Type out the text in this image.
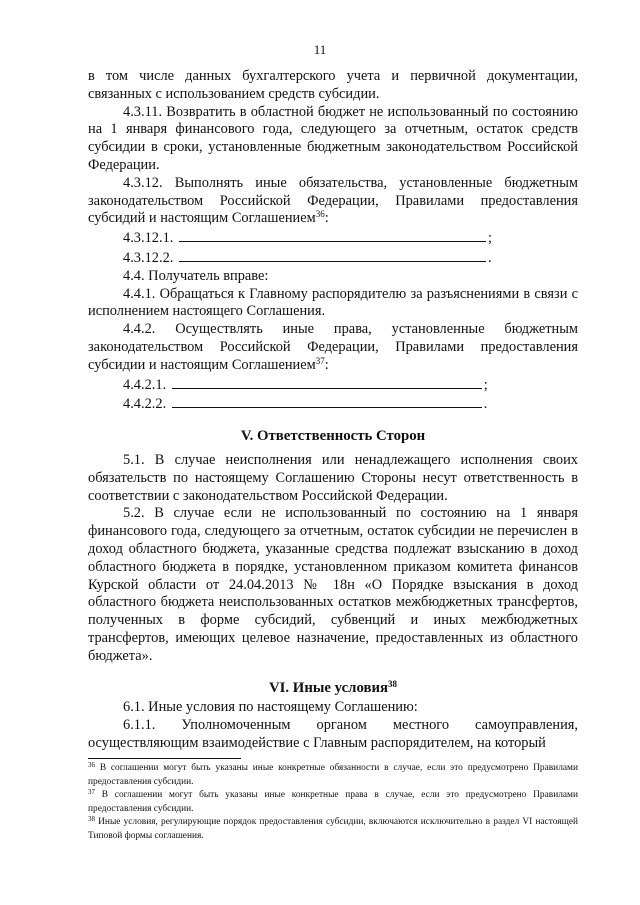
11

в том числе данных бухгалтерского учета и первичной документации, связанных с использованием средств субсидии.

4.3.11. Возвратить в областной бюджет не использованный по состоянию на 1 января финансового года, следующего за отчетным, остаток средств субсидии в сроки, установленные бюджетным законодательством Российской Федерации.

4.3.12. Выполнять иные обязательства, установленные бюджетным законодательством Российской Федерации, Правилами предоставления субсидий и настоящим Соглашением$^{36}$:

4.3.12.1.	;

4.3.12.2.	.

4.4. Получатель вправе:

4.4.1. Обращаться к Главному распорядителю за разъяснениями в связи с исполнением настоящего Соглашения.

4.4.2. Осуществлять иные права, установленные бюджетным законодательством Российской Федерации, Правилами предоставления субсидии и настоящим Соглашением$^{37}$:

4.4.2.1.	;

4.4.2.2.	.

V. Ответственность Сторон

5.1. В случае неисполнения или ненадлежащего исполнения своих обязательств по настоящему Соглашению Стороны несут ответственность в соответствии с законодательством Российской Федерации.

5.2. В случае если не использованный по состоянию на 1 января финансового года, следующего за отчетным, остаток субсидии не перечислен в доход областного бюджета, указанные средства подлежат взысканию в доход областного бюджета в порядке, установленном приказом комитета финансов Курской области от 24.04.2013 № 18н «О Порядке взыскания в доход областного бюджета неиспользованных остатков межбюджетных трансфертов, полученных в форме субсидий, субвенций и иных межбюджетных трансфертов, имеющих целевое назначение, предоставленных из областного бюджета».

VI. Иные условия$^{38}$

6.1. Иные условия по настоящему Соглашению:

6.1.1. Уполномоченным органом местного самоуправления, осуществляющим взаимодействие с Главным распорядителем, на который

$^{36}$ В соглашении могут быть указаны иные конкретные обязанности в случае, если это предусмотрено Правилами предоставления субсидии.

$^{37}$ В соглашении могут быть указаны иные конкретные права в случае, если это предусмотрено Правилами предоставления субсидии.

$^{38}$ Иные условия, регулирующие порядок предоставления субсидии, включаются исключительно в раздел VI настоящей Типовой формы соглашения.
